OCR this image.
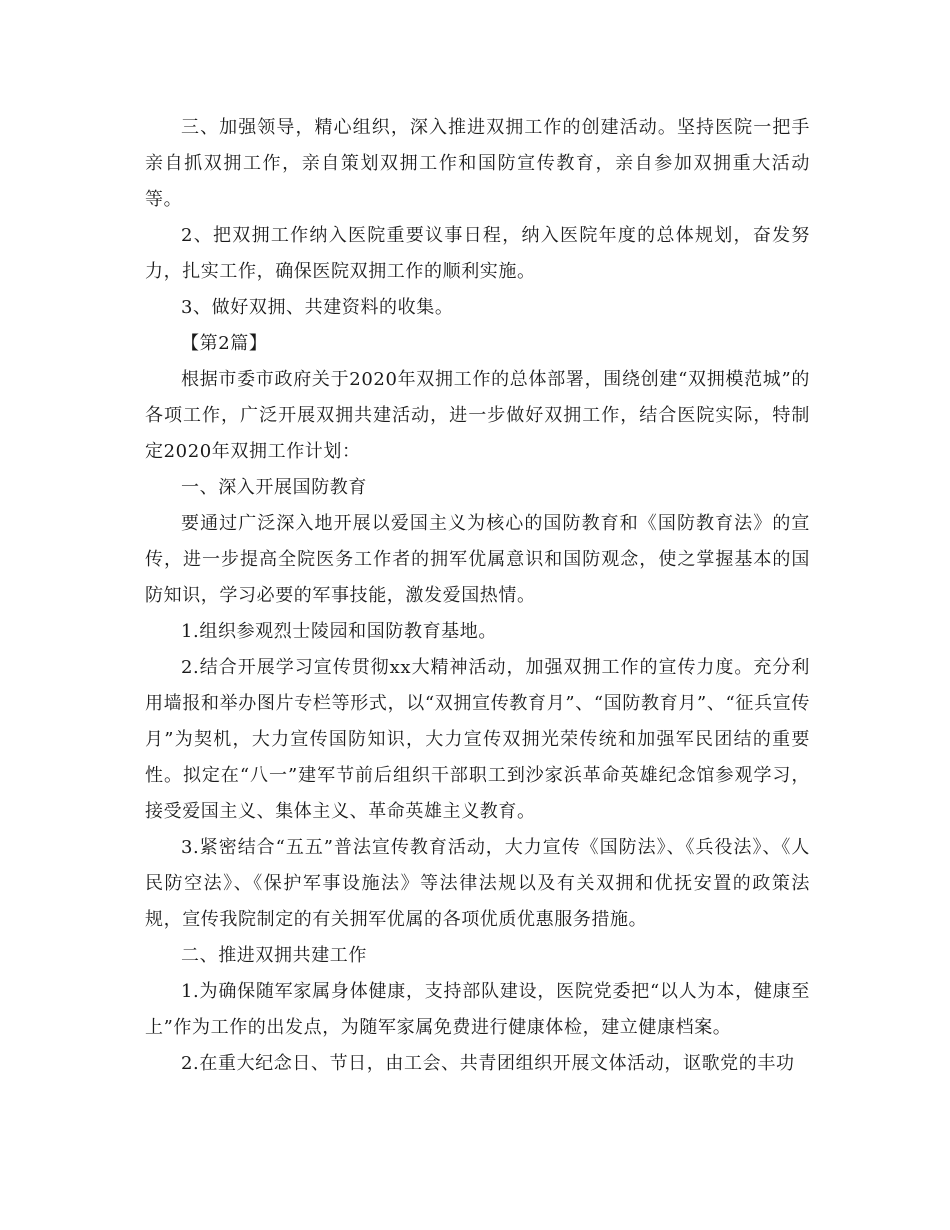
三、加强领导，精心组织，深入推进双拥工作的创建活动。坚持医院一把手亲自抓双拥工作，亲自策划双拥工作和国防宣传教育，亲自参加双拥重大活动等。

2、把双拥工作纳入医院重要议事日程，纳入医院年度的总体规划，奋发努力，扎实工作，确保医院双拥工作的顺利实施。

3、做好双拥、共建资料的收集。

【第2篇】

根据市委市政府关于2020年双拥工作的总体部署，围绕创建“双拥模范城”的各项工作，广泛开展双拥共建活动，进一步做好双拥工作，结合医院实际，特制定2020年双拥工作计划：

一、深入开展国防教育

要通过广泛深入地开展以爱国主义为核心的国防教育和《国防教育法》的宣传，进一步提高全院医务工作者的拥军优属意识和国防观念，使之掌握基本的国防知识，学习必要的军事技能，激发爱国热情。

1.组织参观烈士陵园和国防教育基地。

2.结合开展学习宣传贯彻xx大精神活动，加强双拥工作的宣传力度。充分利用墙报和举办图片专栏等形式，以“双拥宣传教育月”、“国防教育月”、“征兵宣传月”为契机，大力宣传国防知识，大力宣传双拥光荣传统和加强军民团结的重要性。拟定在“八一”建军节前后组织干部职工到沙家浜革命英雄纪念馆参观学习，接受爱国主义、集体主义、革命英雄主义教育。

3.紧密结合“五五”普法宣传教育活动，大力宣传《国防法》、《兵役法》、《人民防空法》、《保护军事设施法》等法律法规以及有关双拥和优抚安置的政策法规，宣传我院制定的有关拥军优属的各项优质优惠服务措施。

二、推进双拥共建工作

1.为确保随军家属身体健康，支持部队建设，医院党委把“以人为本，健康至上”作为工作的出发点，为随军家属免费进行健康体检，建立健康档案。

2.在重大纪念日、节日，由工会、共青团组织开展文体活动，讴歌党的丰功
